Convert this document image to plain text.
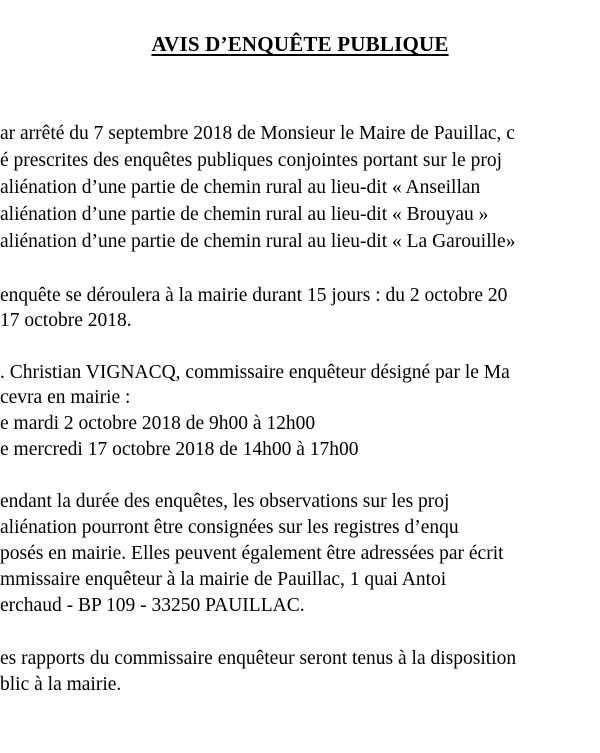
AVIS D’ENQUÊTE PUBLIQUE
ar arrêté du 7 septembre 2018 de Monsieur le Maire de Pauillac, c
é prescrites des enquêtes publiques conjointes portant sur le proj
aliénation d’une partie de chemin rural au lieu-dit « Anseillan
aliénation d’une partie de chemin rural au lieu-dit « Brouyau »
aliénation d’une partie de chemin rural au lieu-dit « La Garouille»
enquête se déroulera à la mairie durant 15 jours : du 2 octobre 20
17 octobre 2018.
. Christian VIGNACQ, commissaire enquêteur désigné par le Ma
cevra en mairie :
e mardi 2 octobre 2018 de 9h00 à 12h00
e mercredi 17 octobre 2018 de 14h00 à 17h00
endant la durée des enquêtes, les observations sur les proj
aliénation pourront être consignées sur les registres d’enqu
posés en mairie. Elles peuvent également être adressées par écrit
mmissaire enquêteur à la mairie de Pauillac, 1 quai Antoi
erchaud - BP 109 - 33250 PAUILLAC.
es rapports du commissaire enquêteur seront tenus à la disposition
blic à la mairie.
